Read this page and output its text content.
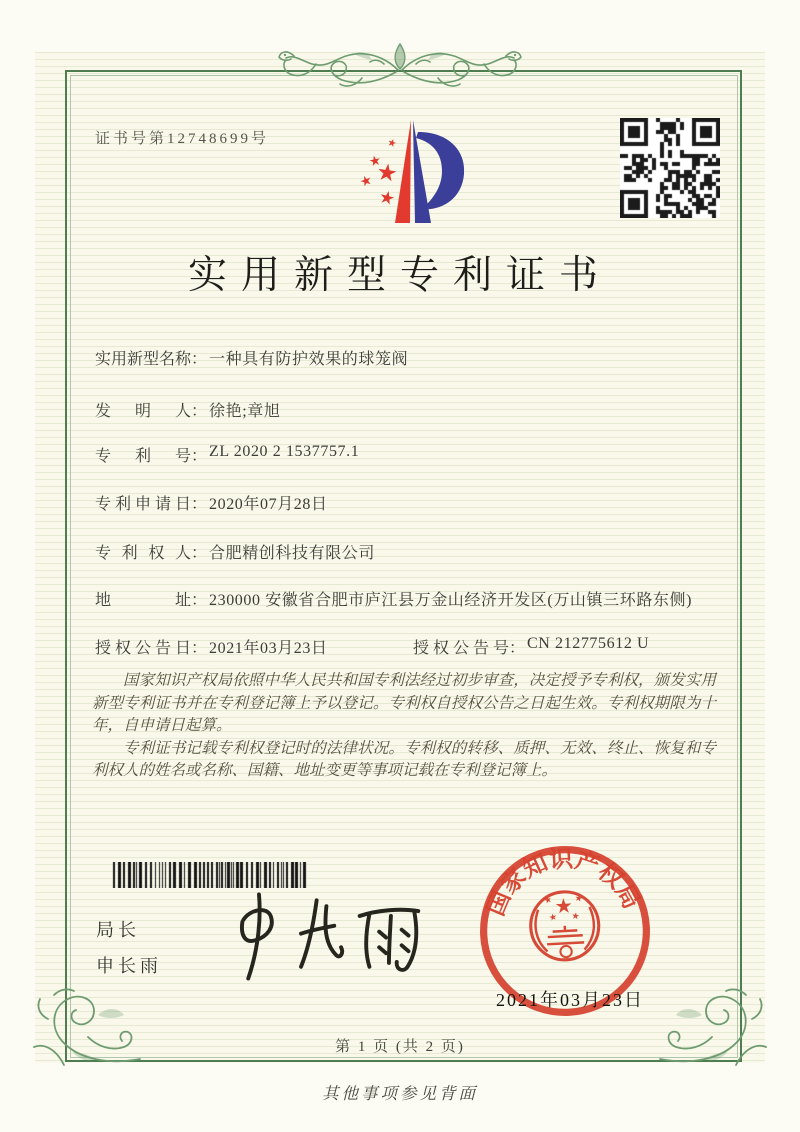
证书号第12748699号
实用新型专利证书
实用新型名称： 一种具有防护效果的球笼阀
发明人： 徐艳;章旭
专利号： ZL 2020 2 1537757.1
专利申请日： 2020年07月28日
专利权人： 合肥精创科技有限公司
地址： 230000 安徽省合肥市庐江县万金山经济开发区(万山镇三环路东侧)
授权公告日： 2021年03月23日	授权公告号： CN 212775612 U

国家知识产权局依照中华人民共和国专利法经过初步审查，决定授予专利权，颁发实用新型专利证书并在专利登记簿上予以登记。专利权自授权公告之日起生效。专利权期限为十年，自申请日起算。

专利证书记载专利权登记时的法律状况。专利权的转移、质押、无效、终止、恢复和专利权人的姓名或名称、国籍、地址变更等事项记载在专利登记簿上。

局长
申长雨
国家知识产权局
2021年03月23日
第 1 页 (共 2 页)
其他事项参见背面
